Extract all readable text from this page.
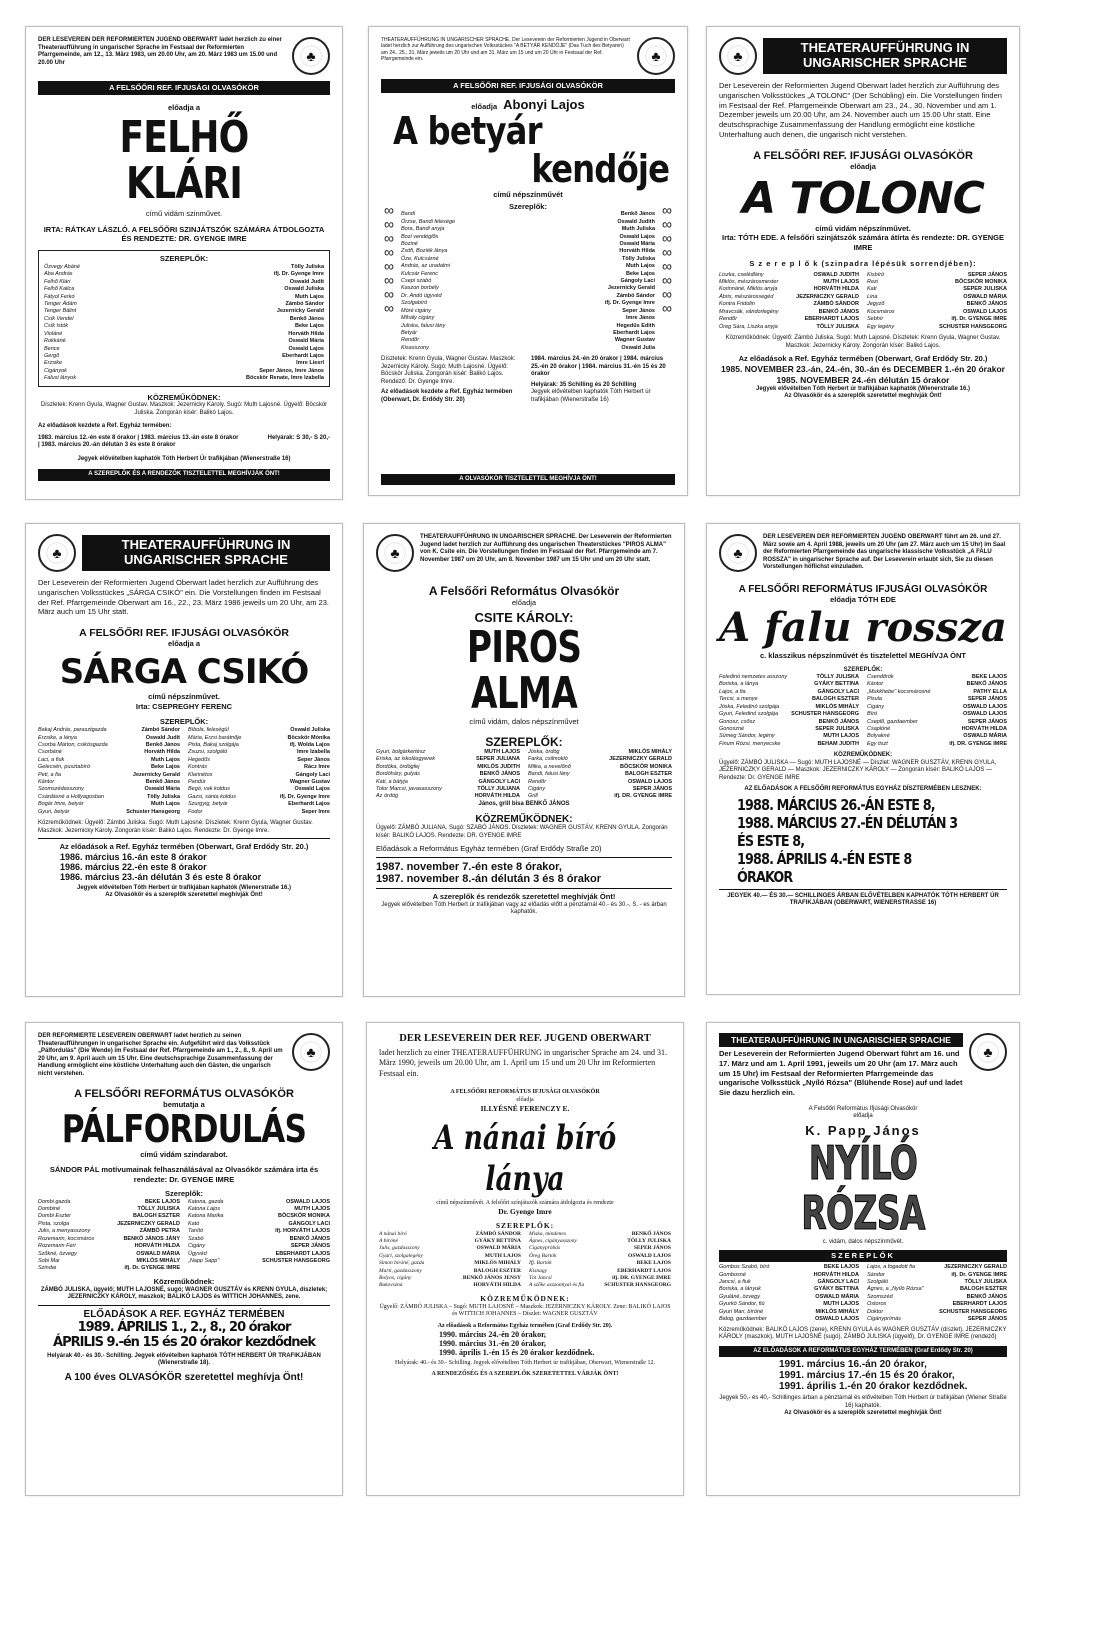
DER LESEVEREIN DER REFORMIERTEN JUGEND OBERWART ladet herzlich zu einer Theateraufführung in ungarischer Sprache im Festsaal der Reformierten Pfarrgemeinde, am 12., 13. März 1983, um 20.00 Uhr, am 20. März 1983 um 15.00 und 20.00 Uhr	♣
A FELSŐŐRI REF. IFJUSÁGI OLVASÓKÖR
előadja a
FELHŐ KLÁRI
című vidám szinművet.
IRTA: RÁTKAY LÁSZLÓ. A FELSŐŐRI SZINJÁTSZÓK SZÁMÁRA ÁTDOLGOZTA ÉS RENDEZTE: DR. GYENGE IMRE
SZEREPLŐK:
Özvegy Abáné	Tölly Juliska
Aba András	ifj. Dr. Gyenge Imre
Felhő Klári	Oswald Judit
Felhő Kalica	Oswald Juliska
Fátyol Ferkó	Muth Lajos
Tenger Ádám	Zámbó Sándor
Tenger Bálint	Jezernicky Gerald
Csík Vendel	Benkő János
Csík Istók	Beke Lajos
Violáné	Horváth Hilda
Rokkáné	Oswald Mária
Bence	Oswald Lajos
Gergő	Eberhardt Lajos
Erzsike	Imre Liesrl
Cigányok	Seper János, Imre János
Falusi lányok	Böcskör Renate, Imre Izabella
KÖZREMŰKÖDNEK:
Díszletek: Krenn Gyula, Wagner Gustav. Maszkok: Jezernicky Károly. Sugó: Muth Lajosné. Ügyelő: Böcskör Juliska. Zongorán kisér: Balikó Lajos.
Az előadások kezdete a Ref. Egyház termében:
1983. március 12.-én este 8 órakor | 1983. március 13.-án este 8 órakor | 1983. március 20.-án délután 3 és este 8 órakor
Helyárak: S 30,- S 20,-
Jegyek elővételben kaphatók Tóth Herbert Úr trafikjában (Wienerstraße 16)
A SZEREPLŐK ÉS A RENDEZŐK TISZTELETTEL MEGHÍVJÁK ÖNT!
THEATERAUFFÜHRUNG IN UNGARISCHER SPRACHE. Der Leseverein der Reformierten Jugend in Oberwart ladet herzlich zur Aufführung des ungarischen Volksstückes "A BETYÁR KENDŐJE" (Das Tuch des Betyaren) am 24., 25., 31. März jeweils um 20 Uhr und am 31. März um 15 und um 20 Uhr in Festsaal der Ref. Pfarrgemeinde ein.	♣
A FELSŐŐRI REF. IFJUSÁGI OLVASÓKÖR
előadja Abonyi Lajos
A betyár
kendője
című népszínművét
∞∞∞∞∞∞∞∞	Szereplők:
Bandi	Benkő János
Örzse, Bandi felesége	Oswald Judith
Bora, Bandi anyja	Muth Juliska
Bozi vendéglős	Oswald Lajos
Bozinè	Oswald Mária
Zsófi, Bozíék lánya	Horváth Hilda
Öze, Kulcsárné	Tölly Juliska
András, az uradalmi	Muth Lajos
Kulcsár Ferenc	Beke Lajos
Csepi szabó	Gángoly Laci
Kaszon borbély	Jezernicky Gerald
Dr. Andó ügyvéd	Zámbó Sándor
Szolgabíró	ifj. Dr. Gyenge Imre
Móré cigány	Seper János
Mihály cigány	Imre János
Juliska, falusi lány	Hegedűs Edith
Betyár	Eberhardt Lajos
Rendőr	Wagner Gustav
Kisasszony	Oswald Julia
∞∞∞∞∞∞∞∞
Díszletek: Krenn Gyula, Wagner Gustav. Maszkok: Jezernicky Károly. Sugó: Muth Lajosné. Ügyelő: Böcskör Juliska. Zongorán kisér: Balikó Lajos. Rendező: Dr. Gyenge Imre.
Az előadások kezdete a Ref. Egyház termében (Oberwart, Dr. Erdődy Str. 20)
1984. március 24.-én 20 órakor | 1984. március 25.-én 20 órakor | 1984. március 31.-én 15 és 20 órakor
Helyárak: 35 Schilling és 20 Schilling
Jegyek elővételben kaphatók Tóth Herbert úr trafikjában (Wienerstraße 16)
A OLVASÓKÖR TISZTELETTEL MEGHÍVJA ÖNT!
♣
THEATERAUFFÜHRUNG IN UNGARISCHER SPRACHE
Der Leseverein der Reformierten Jugend Oberwart ladet herzlich zur Aufführung des ungarischen Volksstückes „A TOLONC" (Der Schübling) ein. Die Vorstellungen finden im Festsaal der Ref. Pfarrgemeinde Oberwart am 23., 24., 30. November und am 1. Dezember jeweils um 20.00 Uhr, am 24. November auch um 15.00 Uhr statt. Eine deutschsprachige Zusammenfassung der Handlung ermöglicht eine köstliche Unterhaltung auch denen, die ungarisch nicht verstehen.
A FELSŐŐRI REF. IFJUSÁGI OLVASÓKÖR
előadja
A TOLONC
című vidám népszínművet.
Irta: TÓTH EDE. A felsőőri szinjátszók számára átírta és rendezte: DR. GYENGE IMRE
S z e r e p l ő k (szinpadra lépésük sorrendjében):
Liszka, cselédlány	OSWALD JUDITH
Miklós, mészárosmester	MUTH LAJOS
Korinnáné, Miklós anyja	HORVÁTH HILDA
Ábris, mészárossegéd	JEZERNICZKY GERALD
Kontra Fridolin	ZÁMBÓ SÁNDOR
Mravcsák, vándorlegény	BENKŐ JÁNOS
Rendőr	EBERHARDT LAJOS
Öreg Sára, Liszka anyja	TÖLLY JULISKA
Kisbíró	SEPER JÁNOS
Rezi	BÖCSKÖR MONIKA
Kati	SEPER JULISKA
Lina	OSWALD MÁRIA
Jegyző	BENKŐ JÁNOS
Kocsmáros	OSWALD LAJOS
Sebhír	ifj. Dr. GYENGE IMRE
Egy legény	SCHUSTER HANSGEORG
Közreműködnek: Ügyelő: Zámbó Juliska. Sugó: Muth Lajosné. Díszletek: Krenn Gyula, Wagner Gustav. Maszkok: Jezernicky Károly. Zongorán kísér: Balikó Lajos.
Az előadások a Ref. Egyház termében (Oberwart, Graf Erdődy Str. 20.)
1985. NOVEMBER 23.-án, 24.-én, 30.-án és DECEMBER 1.-én 20 órakor
1985. NOVEMBER 24.-én délután 15 órakor
Jegyek elővételben Tóth Herbert úr trafikjában kaphatók (Wienerstraße 16.)
Az Olvasókör és a szereplők szeretettel meghívják Önt!
♣
THEATERAUFFÜHRUNG IN UNGARISCHER SPRACHE
Der Leseverein der Reformierten Jugend Oberwart ladet herzlich zur Aufführung des ungarischen Volksstückes „SÁRGA CSIKÓ" ein. Die Vorstellungen finden im Festsaal der Ref. Pfarrgemeinde Oberwart am 16., 22., 23. März 1986 jeweils um 20 Uhr, am 23. März auch um 15 Uhr statt.
A FELSŐŐRI REF. IFJUSÁGI OLVASÓKÖR
előadja a
SÁRGA CSIKÓ
című népszínművet.
Irta: CSEPREGHY FERENC
SZEREPLŐK:
Bakaj András, parasztgazda	Zámbó Sándor
Erzsike, a lánya	Oswald Judit
Csorba Márton, csikósgazda	Benkő János
Csorbáné	Horváth Hilda
Laci, a fiuk	Muth Lajos
Gelecsén, pusztabíró	Beke Lajos
Peti, a fia	Jezernicky Gerald
Kántor	Benkő János
Szomszédasszony	Oswald Mária
Csárdásné a Hollyagosban	Tölly Juliska
Bogár Imre, betyár	Muth Lajos
Gyuri, betyár	Schuster Hansgeorg
Bíbola, feleségül	Oswald Juliska
Mária, Erzsi barátnője	Böcskör Mónika
Pista, Bakaj szolgája	ifj. Wolda Lajos
Zsuzsi, szolgáló	Imre Izabella
Hegedűs	Seper János
Kontrás	Rácz Imre
Klarinétos	Gángoly Laci
Pandúr	Wagner Gustav
Begó, vak koldus	Oswald Lajos
Gazsi, sánta koldus	ifj. Dr. Gyenge Imre
Szurgyig, betyár	Eberhardt Lajos
Fodor	Seper Imre
Közreműködnek: Ügyelő: Zámbó Juliska. Sugó: Muth Lajosné. Díszletek: Krenn Gyula, Wagner Gustav. Maszkok: Jezernicky Károly. Zongorán kísér: Balikó Lajos. Rendezte: Dr. Gyenge Imre.
Az előadások a Ref. Egyház termében (Oberwart, Graf Erdődy Str. 20.)
1986. március 16.-án este 8 órakor
1986. március 22.-én este 8 órakor
1986. március 23.-án délután 3 és este 8 órakor
Jegyek elővételben Tóth Herbert úr trafikjában kaphatók (Wienerstraße 16.)
Az Olvasókör és a szereplők szeretettel meghívják Önt!
♣
THEATERAUFFÜHRUNG IN UNGARISCHER SPRACHE. Der Leseverein der Reformierten Jugend ladet herzlich zur Aufführung des ungarischen Theaterstückes "PIROS ALMA" von K. Csite ein. Die Vorstellungen finden im Festsaal der Ref. Pfarrgemeinde am 7. November 1987 um 20 Uhr, am 8. November 1987 um 15 Uhr und um 20 Uhr statt.
A Felsőőri Református Olvasókör
előadja
CSITE KÁROLY:
PIROS ALMA
című vidám, dalos népszínművet
SZEREPLŐK:
Gyuri, bolgárkertész	MUTH LAJOS
Eriska, az iskolásgyerek	SEPER JULIANA
Bordóka, ördögfej	MIKLÓS JUDITH
Bordóháry, gulyás	BENKŐ JÁNOS
Kati, a bátyja	GÁNGOLY LACI
Tolor Marcsi, javasasszony	TÖLLY JULIANA
Az ördög	HORVÁTH HILDA
Jóska, ördög	MIKLÓS MIHÁLY
Farka, csilmokló	JEZERNICZKY GERALD
Milka, a nevelőnő	BÖCSKÖR MONIKA
Bandi, falusi lány	BALOGH ESZTER
Rendőr	OSWALD LAJOS
Cigány	SEPER JÁNOS
Grill	ifj. DR. GYENGE IMRE
János, grill bisa BENKŐ JÁNOS
KÖZREMŰKÖDNEK:
Ügyelő: ZÁMBÓ JULIANA. Sugó: SZABÓ JÁNOS. Díszletek: WAGNER GUSTÁV, KRENN GYULA. Zongorán kísér: BALIKÓ LAJOS. Rendezte: DR. GYENGE IMRE
Előadások a Református Egyház termében (Graf Erdődy Straße 20)
1987. november 7.-én este 8 órakor,
1987. november 8.-án délután 3 és 8 órakor
A szereplők és rendezők szeretettel meghívják Önt!
Jegyek elővételben Tóth Herbert úr trafikjában vagy az előadás előtt a pénztárnál 40.- és 30.-, S. - es árban kaphatók.
♣
DER LESEVEREIN DER REFORMIERTEN JUGEND OBERWART führt am 26. und 27. März sowie am 4. April 1988, jeweils um 20 Uhr (am 27. März auch um 15 Uhr) im Saal der Reformierten Pfarrgemeinde das ungarische klassische Volksstück „A FALU ROSSZA" in ungarischer Sprache auf. Der Leseverein erlaubt sich, Sie zu diesen Vorstellungen höflichst einzuladen.
A FELSŐŐRI REFORMÁTUS IFJUSÁGI OLVASÓKÖR
előadja TÓTH EDE
A falu rossza
c. klasszikus népszínművét és tisztelettel MEGHÍVJA ÖNT
SZEREPLŐK:
Feledinó nemzetes asszony	TÖLLY JULISKA
Boriska, a lánya	GYÁKY BETTINA
Lajos, a fia	GÁNGOLY LACI
Tercsi, a menye	BALOGH ESZTER
Jóska, Feledinó szolgája	MIKLÓS MIHÁLY
Gyuri, Feledinó szolgája SCHUSTER HANSGEORG
Gonosz, csősz	BENKŐ JÁNOS
Gonoszné	SEPER JULISKA
Sümeg Sándor, legény	MUTH LAJOS
Finum Rózsi, menyecske	BEHAM JUDITH
Csendőrök	BEKE LAJOS
Kántor	BENKŐ JÁNOS
„Mukkhebe" kocsmárosné	PATHY ELLA
Pisula	SEPER JÁNOS
Cigány	OSWALD LAJOS
Bíró	OSWALD LAJOS
Cseplő, gazdaember	SEPER JÁNOS
Csaplóné	HORVÁTH HILDA
Bolyakné	OSWALD MÁRIA
Egy tiszt	ifj. DR. GYENGE IMRE
KÖZREMŰKÖDNEK:
Ügyelő: ZÁMBÓ JULISKA — Sugó: MUTH LAJOSNÉ — Díszlet: WAGNER GUSZTÁV, KRENN GYULA, JEZERNICZKY GERALD — Maszkok: JEZERNICZKY KÁROLY — Zongorán kísér: BALIKÓ LAJOS — Rendezte: Dr. GYENGE IMRE
AZ ELŐADÁSOK A FELSŐŐRI REFORMÁTUS EGYHÁZ DÍSZTERMÉBEN LESZNEK:
1988. MÁRCIUS 26.-ÁN ESTE 8,
1988. MÁRCIUS 27.-ÉN DÉLUTÁN 3 ÉS ESTE 8,
1988. ÁPRILIS 4.-ÉN ESTE 8 ÓRAKOR
JEGYEK 40.— ÉS 30.— SCHILLINGES ÁRBAN ELŐVÉTELBEN KAPHATÓK TÓTH HERBERT ÚR TRAFIKJÁBAN (OBERWART, WIENERSTRASSE 16)
DER REFORMIERTE LESEVEREIN OBERWART ladet herzlich zu seinen Theateraufführungen in ungarischer Sprache ein. Aufgeführt wird das Volksstück „Pálfordulás" (Die Wende) im Festsaal der Ref. Pfarrgemeinde am 1., 2., 8., 9. April um 20 Uhr, am 9. April auch um 15 Uhr. Eine deutschsprachige Zusammenfassung der Handlung ermöglicht eine köstliche Unterhaltung auch den Gästen, die ungarisch nicht verstehen.
♣
A FELSŐŐRI REFORMÁTUS OLVASÓKÖR
bemutatja a
PÁLFORDULÁS
című vidám szindarabot.
SÁNDOR PÁL motívumainak felhasználásával az Olvasókör számára irta és rendezte: Dr. GYENGE IMRE
Szereplők:
Dombi gazda	BEKE LAJOS
Dombiné	TÖLLY JULISKA
Dombi Eszter	BALOGH ESZTER
Pista, szolga	JEZERNICZKY GERALD
Julis, a menyasszony	ZÁMBÓ PETRA
Rozemarin, kocsmáros	BENKŐ JÁNOS JÁNY
Rozemarin Feri	HORVÁTH HILDA
Szőkné, özvegy	OSWALD MÁRIA
Sobi Mai	MIKLÓS MIHÁLY
Szindai	ifj. Dr. GYENGE IMRE
Katona, gazda	OSWALD LAJOS
Katona Lajos	MUTH LAJOS
Katona Marika	BÖCSKÖR MONIKA
Kató	GÁNGOLY LACI
Tanító	ifj. HORVÁTH LAJOS
Szabó	BENKŐ JÁNOS
Cigány	SEPER JÁNOS
Ügyvéd	EBERHARDT LAJOS
„Napp Sapp"	SCHUSTER HANSGEORG
Közreműködnek:
ZÁMBÓ JULISKA, ügyelő; MUTH LAJOSNÉ, sugó; WAGNER GUSZTÁV és KRENN GYULA, díszletek; JEZERNICZKY KÁROLY, maszkok; BALIKÓ LAJOS és WITTICH JOHANNES, zene.
ELŐADÁSOK A REF. EGYHÁZ TERMÉBEN
1989. ÁPRILIS 1., 2., 8., 20 órakor
ÁPRILIS 9.-én 15 és 20 órakor kezdődnek
Helyárak 40.- és 30.- Schilling. Jegyek elővételben kaphatók TÓTH HERBERT ÚR TRAFIKJÁBAN (Wienerstraße 18).
A 100 éves OLVASÓKÖR szeretettel meghívja Önt!
DER LESEVEREIN DER REF. JUGEND OBERWART
ladet herzlich zu einer THEATERAUFFÜHRUNG in ungarischer Sprache am 24. und 31. März 1990, jeweils um 20.00 Uhr, am 1. April um 15 und um 20 Uhr im Reformierten Festsaal ein.
A FELSŐŐRI REFORMÁTUS IFJUSÁGI OLVASÓKÖR
előadja
ILLYÉSNÉ FERENCZY E.
A nánai bíró lánya
című népszínművét. A felsőőri színjátszók számára átdolgozta és rendezte
Dr. Gyenge Imre
SZEREPLŐK:
A nánai bíró	ZÁMBÓ SÁNDOR
A bíróné	GYÁKY BETTINA
Julis, gazdasszony	OSWALD MÁRIA
Gyuri, szolgalegény	MUTH LAJOS
Simon bíróné, gazda	MIKLÓS MIHÁLY
Marti, gazdasszony	BALOGH ESZTER
Bolyos, cigány	BENKŐ JÁNOS JENSY
Bukovszná	HORVÁTH HILDA
Miska, mindenes	BENKŐ JÁNOS
Ágnes, cigányasszony	TÖLLY JULISKA
Cigánypróbás	SEPER JÁNOS
Öreg Bartók	OSWALD LAJOS
Ifj. Bartók	BEKE LAJOS
Kisnagy	EBERHARDT LAJOS
Tót Jancsi	ifj. DR. GYENGE IMRE
A szőke asszonnyal és fia	SCHUSTER HANSGEORG
KÖZREMŰKÖDNEK:
Ügyelő: ZÁMBÓ JULISKA – Sugó: MUTH LAJOSNÉ – Maszkok: JEZERNICZKY KÁROLY. Zene: BALIKÓ LAJOS és WITTICH JOHANNES – Díszlet: WAGNER GUSZTÁV
Az előadások a Református Egyház termében (Graf Erdődy Str. 20).
1990. március 24.-én 20 órakor,
1990. március 31.-én 20 órakor,
1990. április 1.-én 15 és 20 órakor kezdődnek.
Helyárak: 40.- és 30.- Schilling. Jegyek elővételben Tóth Herbert úr trafikjában, Oberwart, Wienerstraße 12.
A RENDEZŐSÉG ÉS A SZEREPLŐK SZERETETTEL VÁRJÁK ÖNT!
THEATERAUFFÜHRUNG IN UNGARISCHER SPRACHE
Der Leseverein der Reformierten Jugend Oberwart führt am 16. und 17. März und am 1. April 1991, jeweils um 20 Uhr (am 17. März auch um 15 Uhr) im Festsaal der Reformierten Pfarrgemeinde das ungarische Volksstück „Nyíló Rózsa" (Blühende Rose) auf und ladet Sie dazu herzlich ein.
♣
A Felsőőri Református Ifjúsági Olvasókör
előadja
K. Papp János
NYÍLÓ RÓZSA
c. vidám, dalos népszínművét.
SZEREPLŐK
Gombos Szabó, bíró	BEKE LAJOS
Gombosné	HORVÁTH HILDA
Jancsi, a fiuk	GÁNGOLY LACI
Boriska, a lányuk	GYÁKY BETTINA
Gyuláné, özvegy	OSWALD MÁRIA
Gyurkó Sándor, fiú	MUTH LAJOS
Gyuri Mari, bíróné	MIKLÓS MIHÁLY
Balog, gazdaember	OSWALD LAJOS
Lajos, a fogadott fia	JEZERNICZKY GERALD
Sándor	ifj. Dr. GYENGE IMRE
Szolgáló	TÖLLY JULISKA
Ágnes, a „Nyíló Rózsa"	BALOGH ESZTER
Szomszéd	BENKŐ JÁNOS
Ostoros	EBERHARDT LAJOS
Doktor	SCHUSTER HANSGEORG
Cigányprímás	SEPER JÁNOS
Közreműködnek: BALIKÓ LAJOS (zene), KRENN GYULA és WAGNER GUSZTÁV (díszlet), JEZERNICZKY KÁROLY (maszkok), MUTH LAJOSNÉ (sugó), ZÁMBÓ JULISKA (ügyelő), Dr. GYENGE IMRE (rendező)
AZ ELŐADÁSOK A REFORMÁTUS EGYHÁZ TERMÉBEN (Graf Erdődy Str. 20)
1991. március 16.-án 20 órakor,
1991. március 17.-én 15 és 20 órakor,
1991. április 1.-én 20 órakor kezdődnek.
Jegyek 50,- és 40,- Schillinges árban a pénztárnál és elővételben Tóth Herbert úr trafikjában (Wiener Straße 16) kaphatók.
Az Olvasókör és a szereplők szeretettel meghívják Önt!
